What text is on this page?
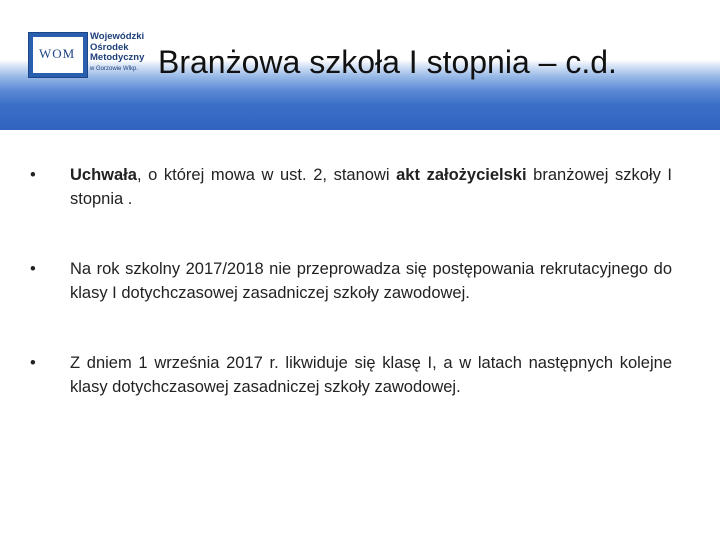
WOM
Wojewódzki
Ośrodek
Metodyczny
w Gorzowie Wlkp. Branżowa szkoła I stopnia – c.d.
• Uchwała, o której mowa w ust. 2, stanowi akt założycielski branżowej szkoły I stopnia .
• Na rok szkolny 2017/2018 nie przeprowadza się postępowania rekrutacyjnego do klasy I dotychczasowej zasadniczej szkoły zawodowej.
• Z dniem 1 września 2017 r. likwiduje się klasę I, a w latach następnych kolejne klasy dotychczasowej zasadniczej szkoły zawodowej.
